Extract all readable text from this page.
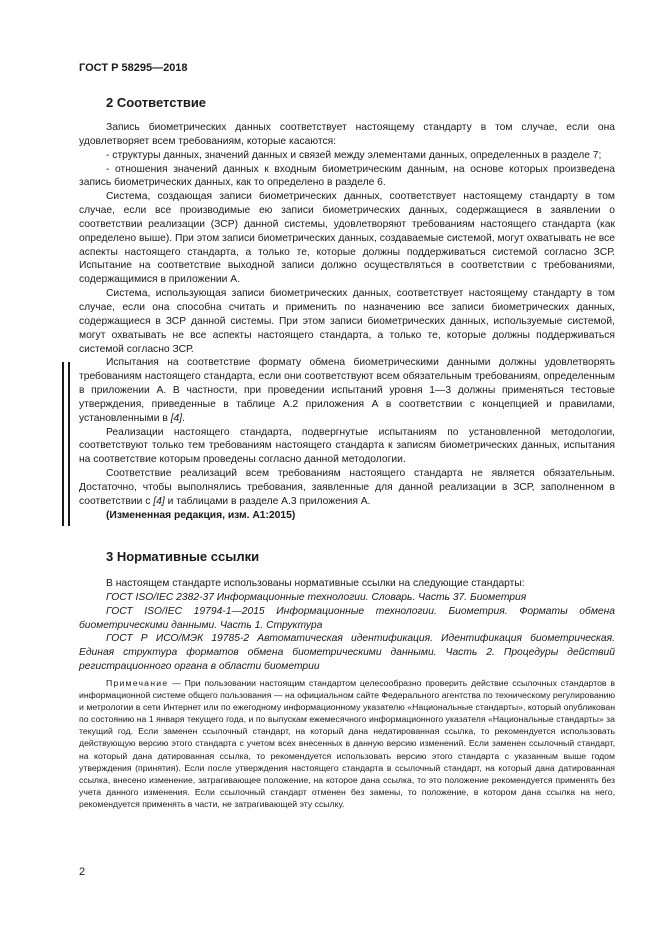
ГОСТ Р 58295—2018
2 Соответствие

Запись биометрических данных соответствует настоящему стандарту в том случае, если она удовлетворяет всем требованиям, которые касаются:

- структуры данных, значений данных и связей между элементами данных, определенных в разделе 7;

- отношения значений данных к входным биометрическим данным, на основе которых произведена запись биометрических данных, как то определено в разделе 6.

Система, создающая записи биометрических данных, соответствует настоящему стандарту в том случае, если все производимые ею записи биометрических данных, содержащиеся в заявлении о соответствии реализации (ЗСР) данной системы, удовлетворяют требованиям настоящего стандарта (как определено выше). При этом записи биометрических данных, создаваемые системой, могут охватывать не все аспекты настоящего стандарта, а только те, которые должны поддерживаться системой согласно ЗСР. Испытание на соответствие выходной записи должно осуществляться в соответствии с требованиями, содержащимися в приложении А.

Система, использующая записи биометрических данных, соответствует настоящему стандарту в том случае, если она способна считать и применить по назначению все записи биометрических данных, содержащиеся в ЗСР данной системы. При этом записи биометрических данных, используемые системой, могут охватывать не все аспекты настоящего стандарта, а только те, которые должны поддерживаться системой согласно ЗСР.

Испытания на соответствие формату обмена биометрическими данными должны удовлетворять требованиям настоящего стандарта, если они соответствуют всем обязательным требованиям, определенным в приложении А. В частности, при проведении испытаний уровня 1—3 должны применяться тестовые утверждения, приведенные в таблице А.2 приложения А в соответствии с концепцией и правилами, установленными в [4].

Реализации настоящего стандарта, подвергнутые испытаниям по установленной методологии, соответствуют только тем требованиям настоящего стандарта к записям биометрических данных, испытания на соответствие которым проведены согласно данной методологии.

Соответствие реализаций всем требованиям настоящего стандарта не является обязательным. Достаточно, чтобы выполнялись требования, заявленные для данной реализации в ЗСР, заполненном в соответствии с [4] и таблицами в разделе А.3 приложения А.

(Измененная редакция, изм. А1:2015)

3 Нормативные ссылки

В настоящем стандарте использованы нормативные ссылки на следующие стандарты:

ГОСТ ISO/IEC 2382-37 Информационные технологии. Словарь. Часть 37. Биометрия

ГОСТ ISO/IEC 19794-1—2015 Информационные технологии. Биометрия. Форматы обмена биометрическими данными. Часть 1. Структура

ГОСТ Р ИСО/МЭК 19785-2 Автоматическая идентификация. Идентификация биометрическая. Единая структура форматов обмена биометрическими данными. Часть 2. Процедуры действий регистрационного органа в области биометрии

Примечание — При пользовании настоящим стандартом целесообразно проверить действие ссылочных стандартов в информационной системе общего пользования — на официальном сайте Федерального агентства по техническому регулированию и метрологии в сети Интернет или по ежегодному информационному указателю «Национальные стандарты», который опубликован по состоянию на 1 января текущего года, и по выпускам ежемесячного информационного указателя «Национальные стандарты» за текущий год. Если заменен ссылочный стандарт, на который дана недатированная ссылка, то рекомендуется использовать действующую версию этого стандарта с учетом всех внесенных в данную версию изменений. Если заменен ссылочный стандарт, на который дана датированная ссылка, то рекомендуется использовать версию этого стандарта с указанным выше годом утверждения (принятия). Если после утверждения настоящего стандарта в ссылочный стандарт, на который дана датированная ссылка, внесено изменение, затрагивающее положение, на которое дана ссылка, то это положение рекомендуется применять без учета данного изменения. Если ссылочный стандарт отменен без замены, то положение, в котором дана ссылка на него, рекомендуется применять в части, не затрагивающей эту ссылку.

2
